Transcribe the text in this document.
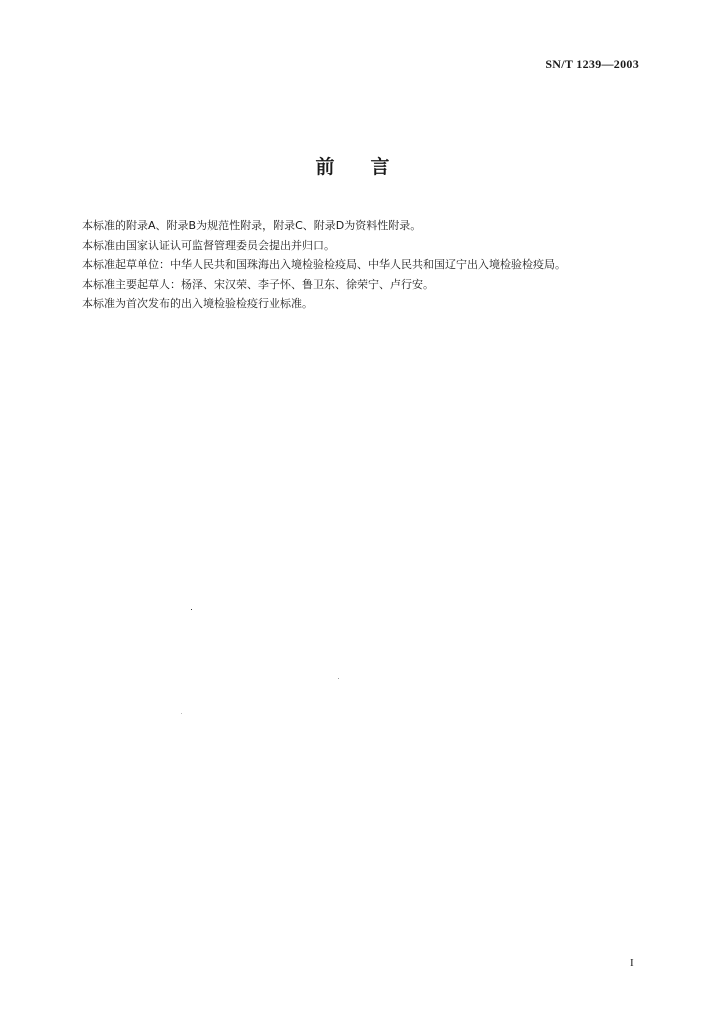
SN/T 1239—2003
前言

本标准的附录A、附录B为规范性附录，附录C、附录D为资料性附录。

本标准由国家认证认可监督管理委员会提出并归口。

本标准起草单位：中华人民共和国珠海出入境检验检疫局、中华人民共和国辽宁出入境检验检疫局。

本标准主要起草人：杨泽、宋汉荣、李子怀、鲁卫东、徐荣宁、卢行安。

本标准为首次发布的出入境检验检疫行业标准。

I
